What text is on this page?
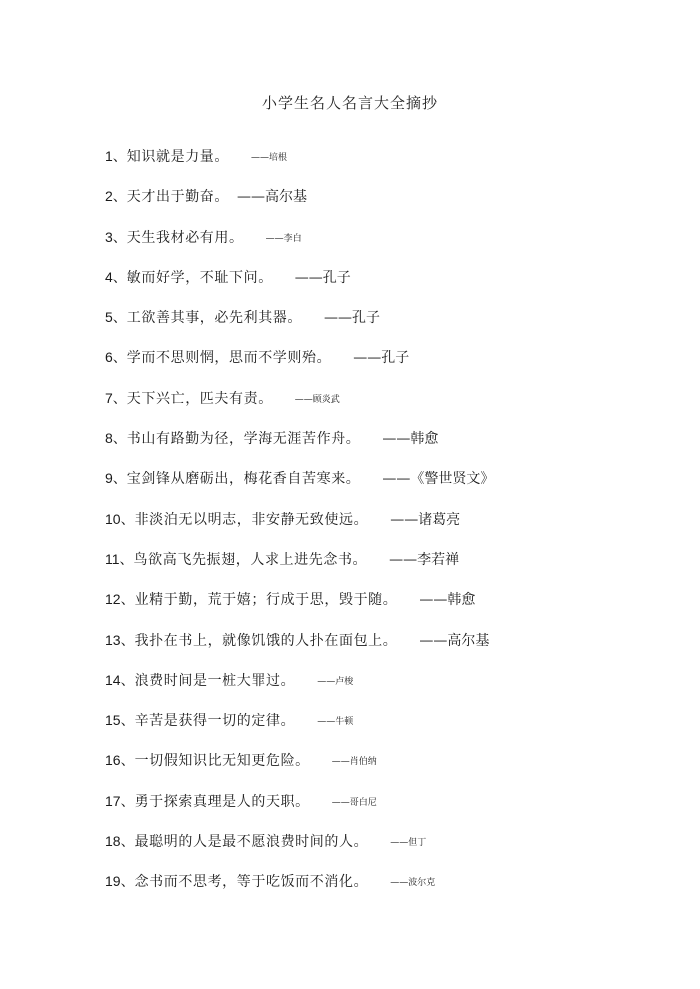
小学生名人名言大全摘抄
1、知识就是力量。 ——培根
2、天才出于勤奋。 ——高尔基
3、天生我材必有用。 ——李白
4、敏而好学，不耻下问。 ——孔子
5、工欲善其事，必先利其器。 ——孔子
6、学而不思则惘，思而不学则殆。 ——孔子
7、天下兴亡，匹夫有责。 ——顾炎武
8、书山有路勤为径，学海无涯苦作舟。 ——韩愈
9、宝剑锋从磨砺出，梅花香自苦寒来。 ——《警世贤文》
10、非淡泊无以明志，非安静无致使远。 ——诸葛亮
11、鸟欲高飞先振翅，人求上进先念书。 ——李若禅
12、业精于勤，荒于嬉；行成于思，毁于随。 ——韩愈
13、我扑在书上，就像饥饿的人扑在面包上。 ——高尔基
14、浪费时间是一桩大罪过。 ——卢梭
15、辛苦是获得一切的定律。 ——牛顿
16、一切假知识比无知更危险。 ——肖伯纳
17、勇于探索真理是人的天职。 ——哥白尼
18、最聪明的人是最不愿浪费时间的人。 ——但丁
19、念书而不思考，等于吃饭而不消化。 ——波尔克
